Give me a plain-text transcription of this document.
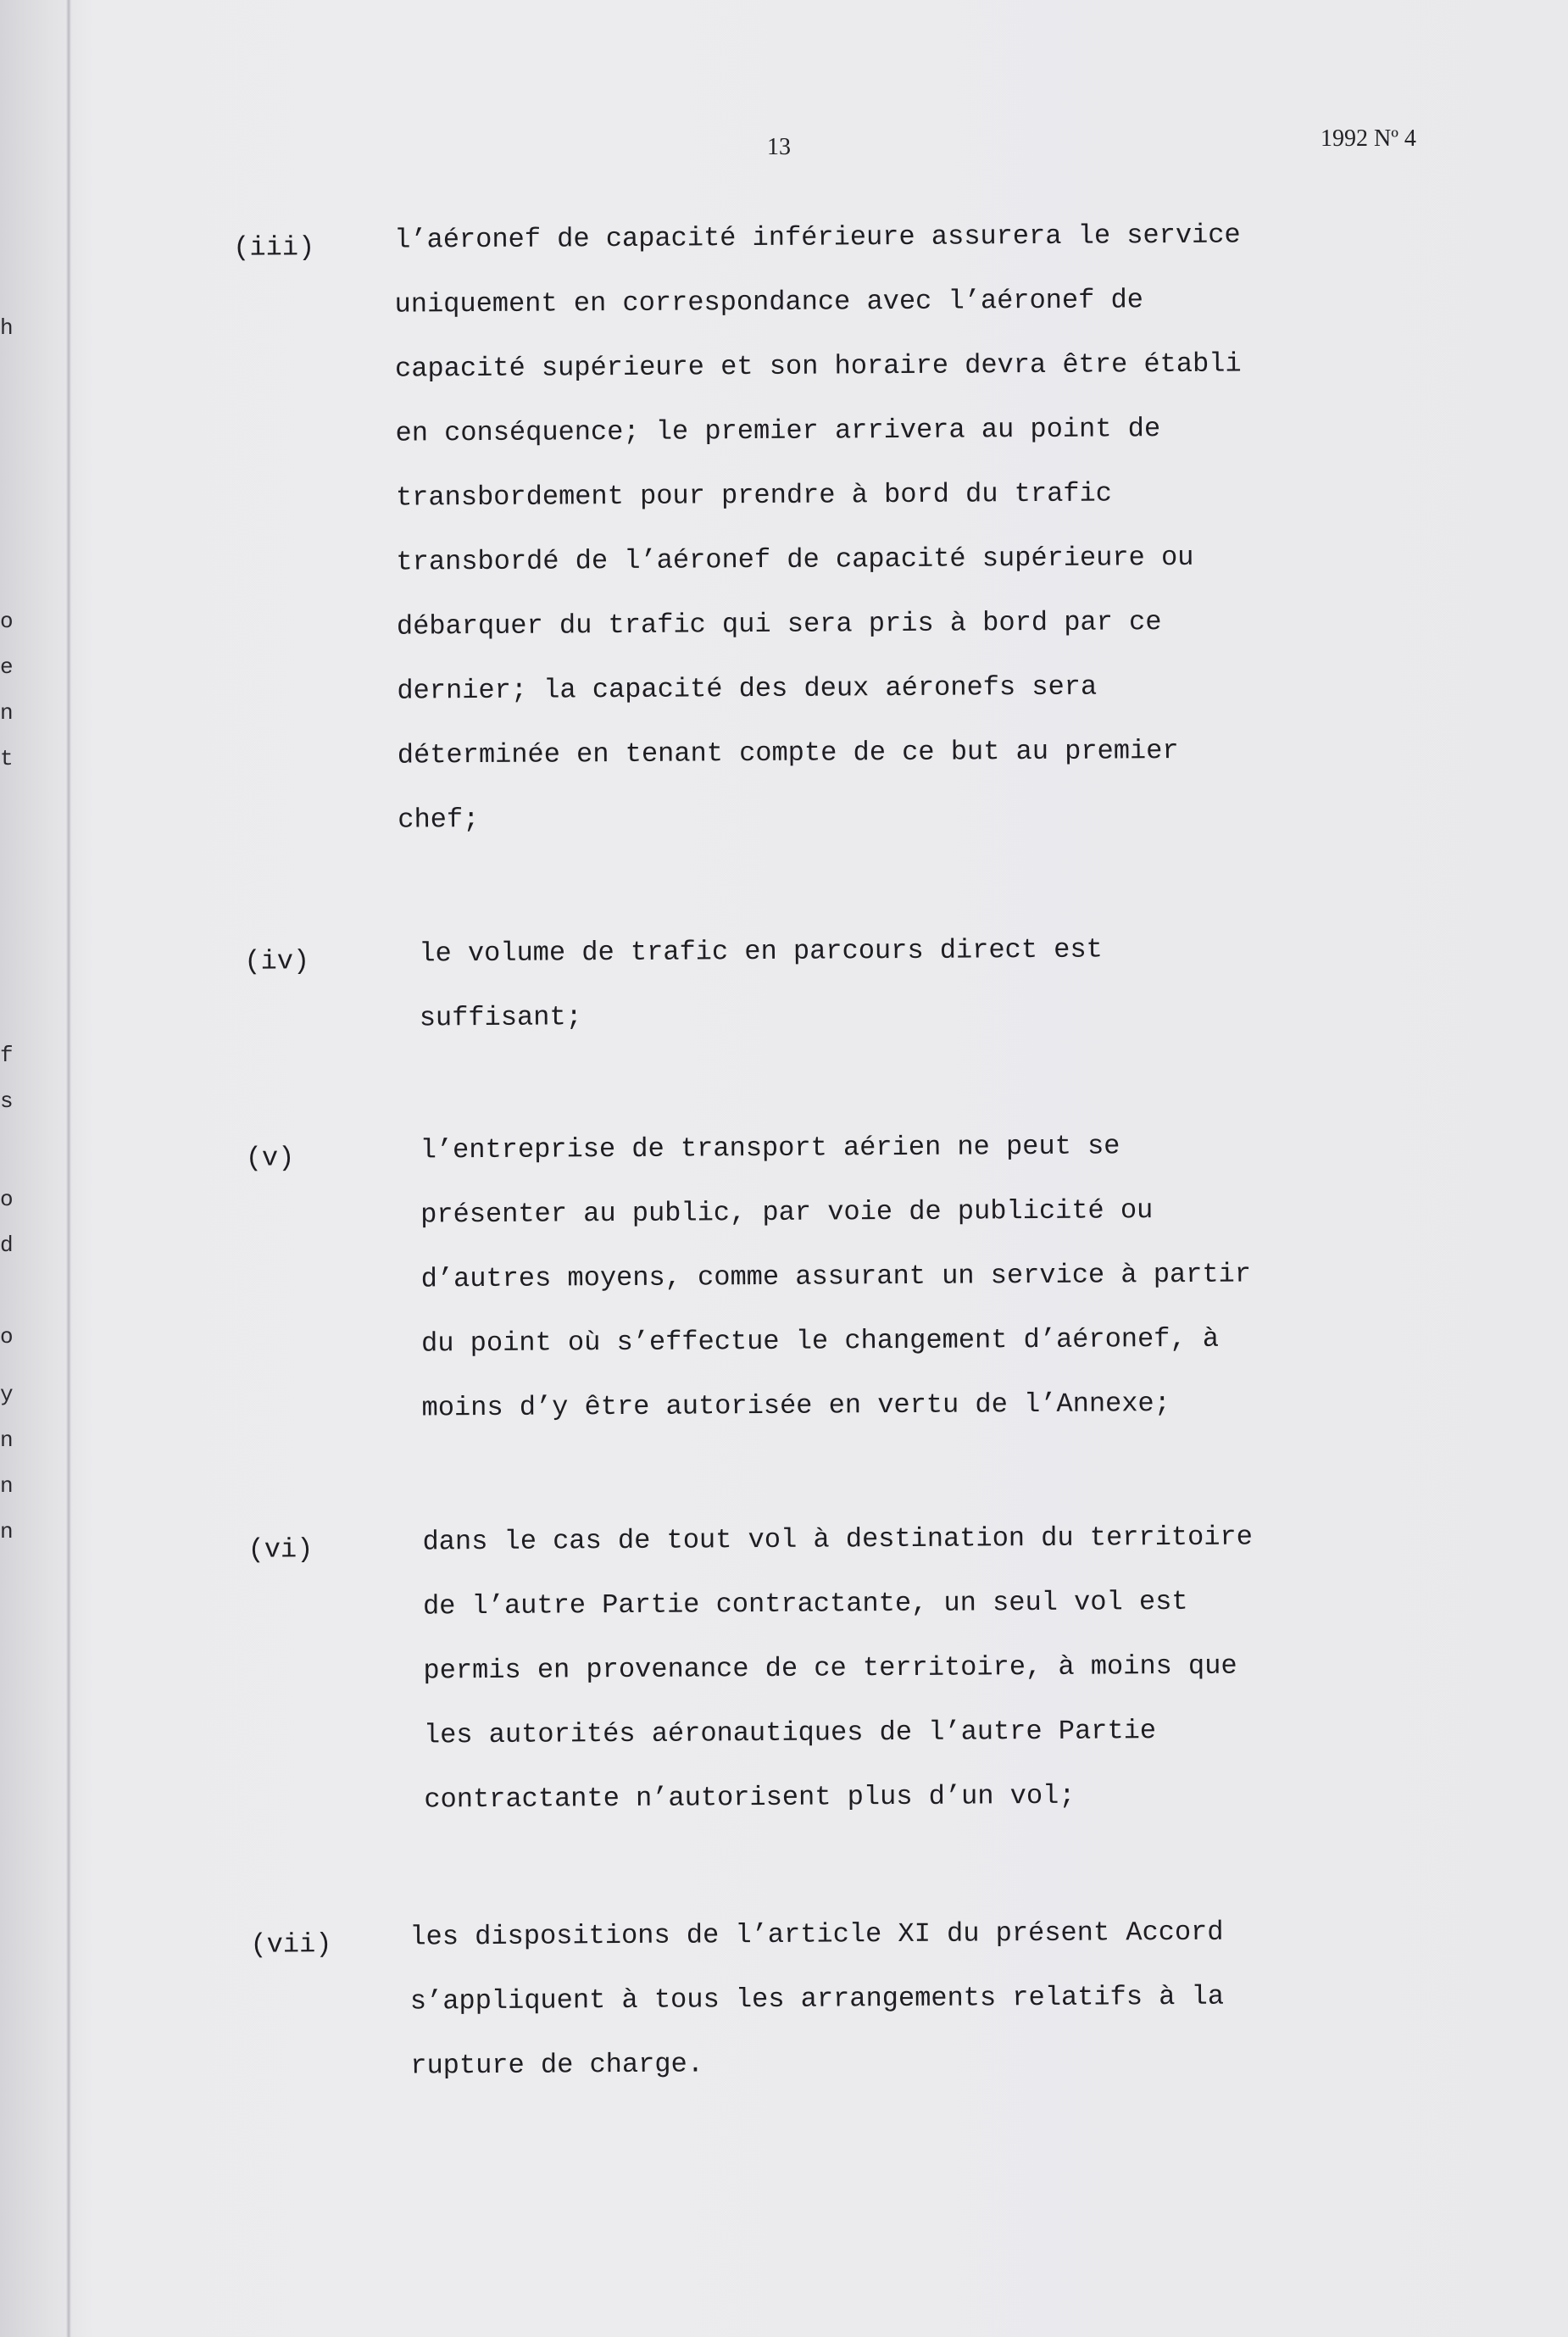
h
o
e
n
t
f
s
o
d
o
y
n
n
n
13	1992 Nº 4
(iii)	l’aéronef de capacité inférieure assurera le service
uniquement en correspondance avec l’aéronef de
capacité supérieure et son horaire devra être établi
en conséquence; le premier arrivera au point de
transbordement pour prendre à bord du trafic
transbordé de l’aéronef de capacité supérieure ou
débarquer du trafic qui sera pris à bord par ce
dernier; la capacité des deux aéronefs sera
déterminée en tenant compte de ce but au premier
chef;
(iv)	le volume de trafic en parcours direct est
suffisant;
(v)	l’entreprise de transport aérien ne peut se
présenter au public, par voie de publicité ou
d’autres moyens, comme assurant un service à partir
du point où s’effectue le changement d’aéronef, à
moins d’y être autorisée en vertu de l’Annexe;
(vi)	dans le cas de tout vol à destination du territoire
de l’autre Partie contractante, un seul vol est
permis en provenance de ce territoire, à moins que
les autorités aéronautiques de l’autre Partie
contractante n’autorisent plus d’un vol;
(vii)	les dispositions de l’article XI du présent Accord
s’appliquent à tous les arrangements relatifs à la
rupture de charge.
